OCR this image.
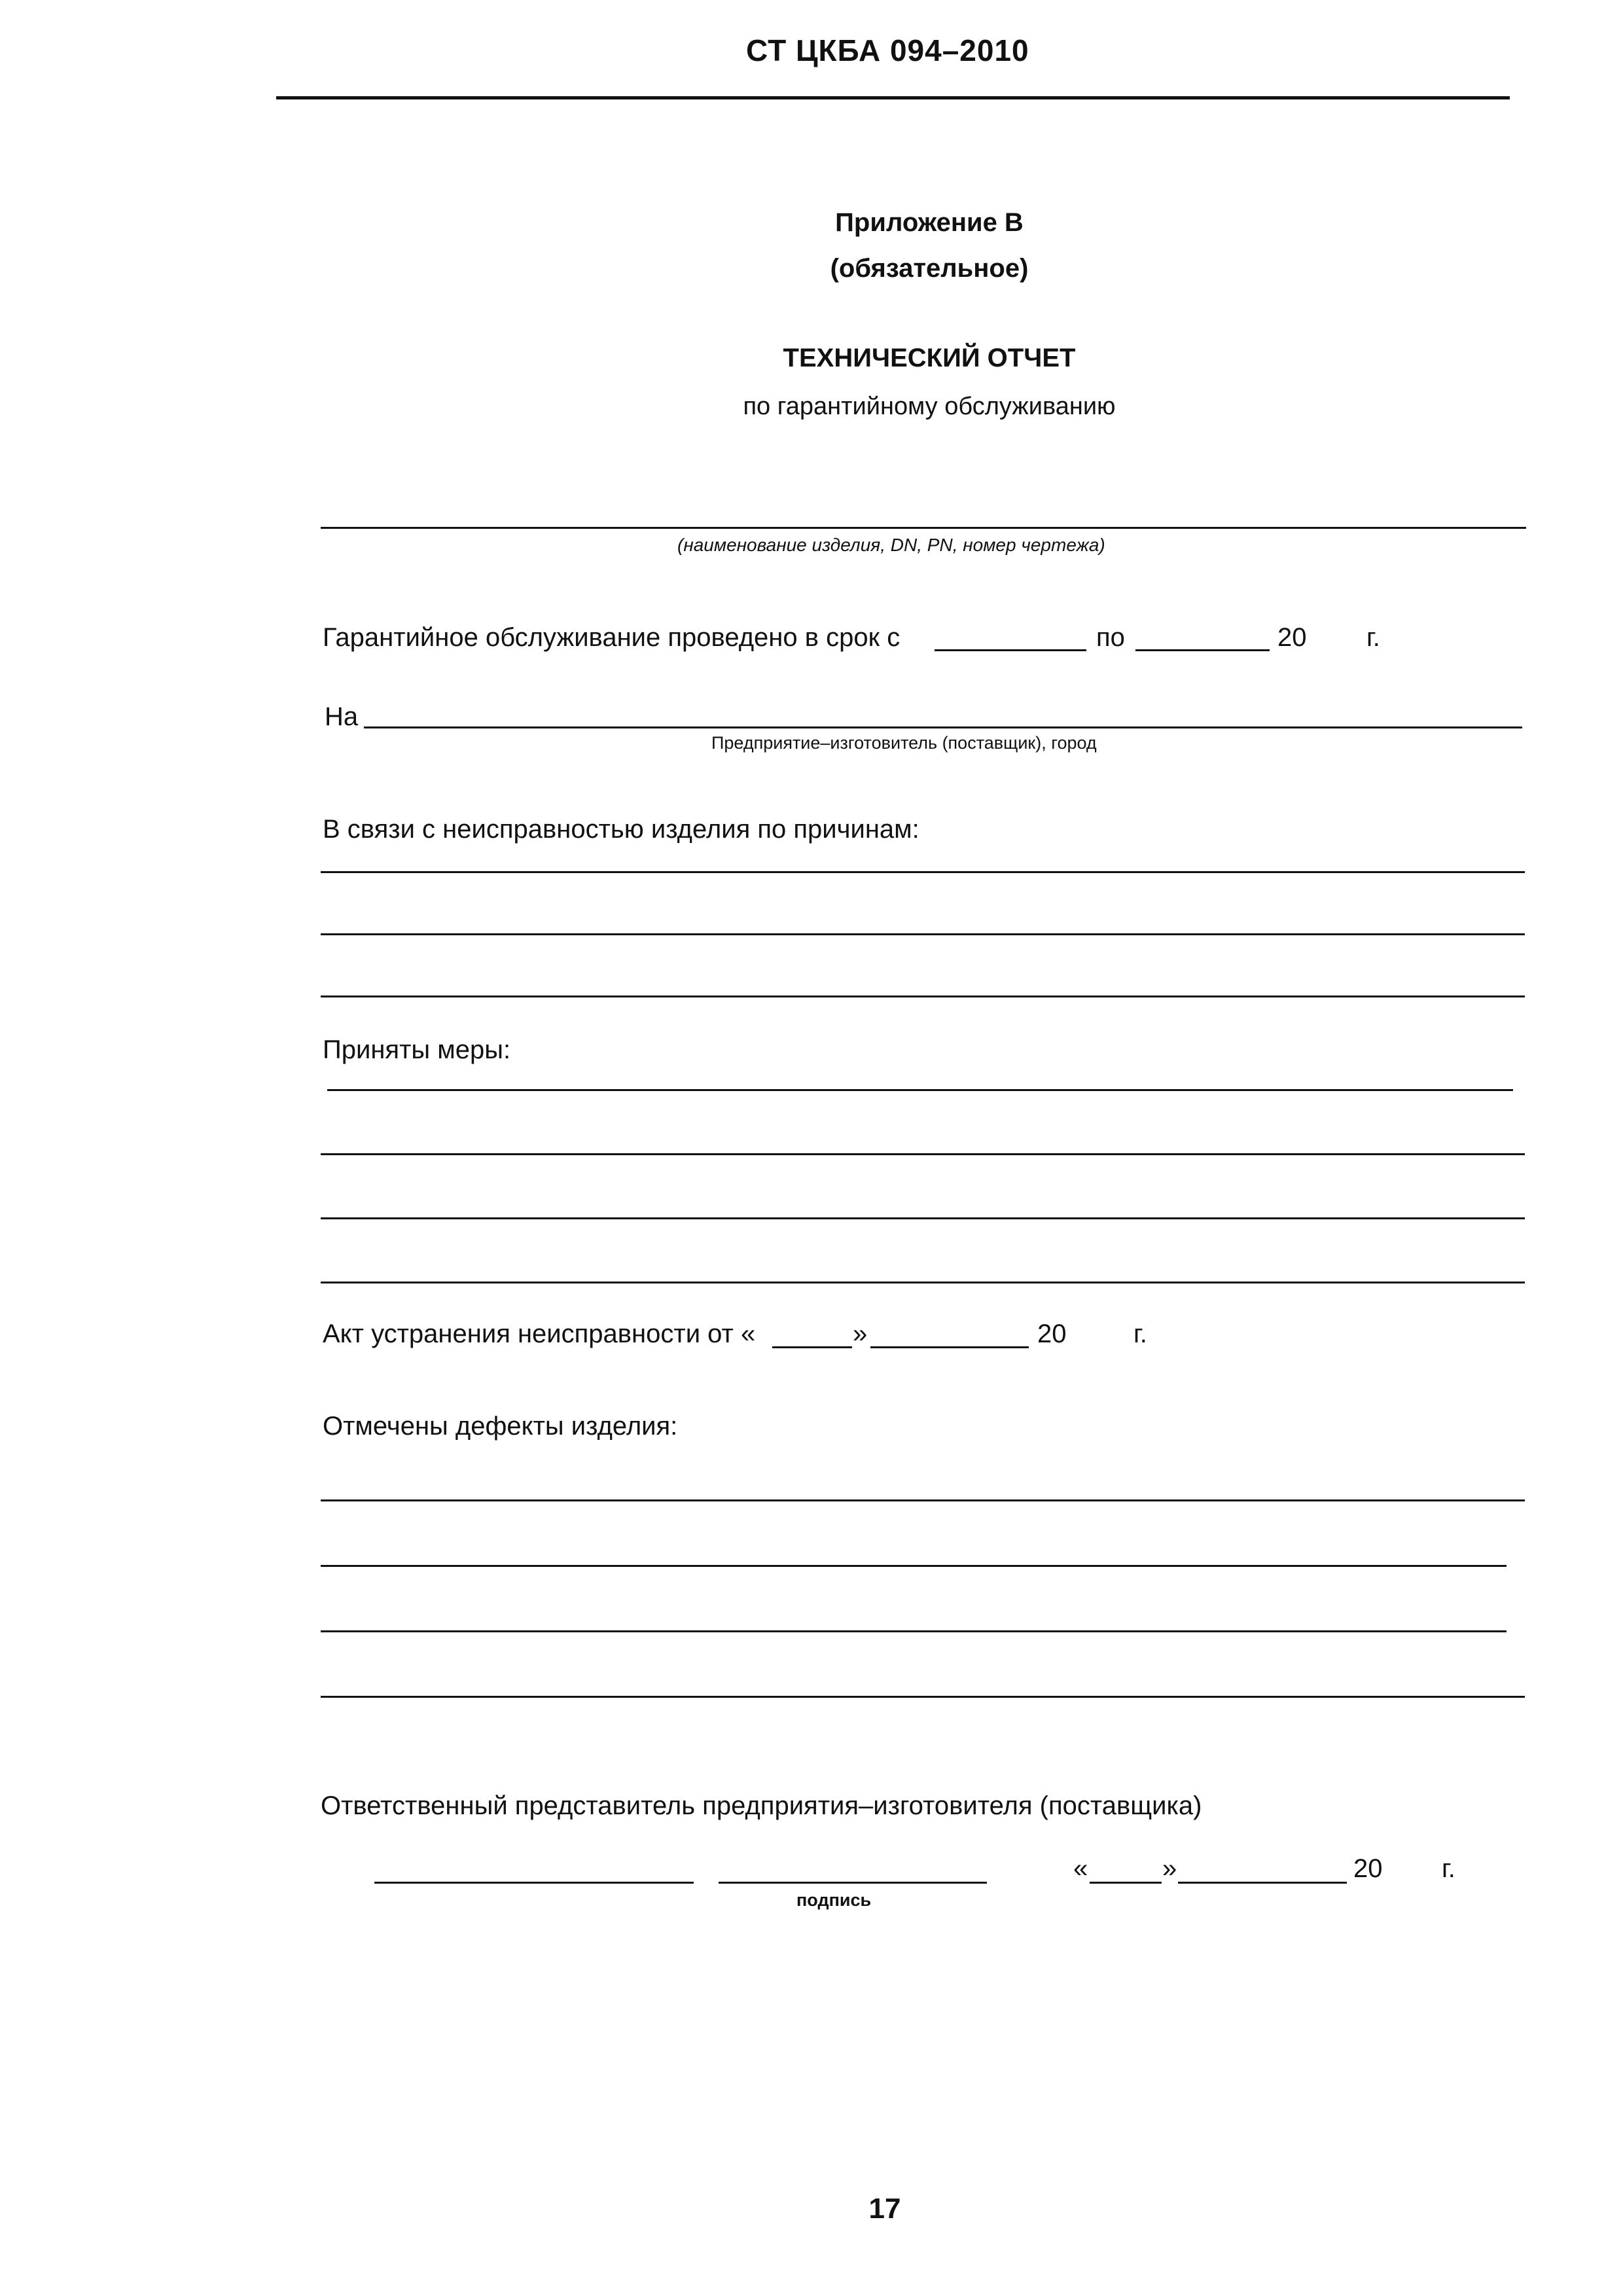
СТ ЦКБА 094–2010
Приложение В
(обязательное)
ТЕХНИЧЕСКИЙ ОТЧЕТ
по гарантийному обслуживанию
(наименование изделия, DN, PN, номер чертежа)
Гарантийное обслуживание проведено в срок с	по	20 г.
На
Предприятие–изготовитель (поставщик), город
В связи с неисправностью изделия по причинам:
Приняты меры:
Акт устранения неисправности от «	»	20	г.
Отмечены дефекты изделия:
Ответственный представитель предприятия–изготовителя (поставщика)
подпись
«	»	20 г.
17
